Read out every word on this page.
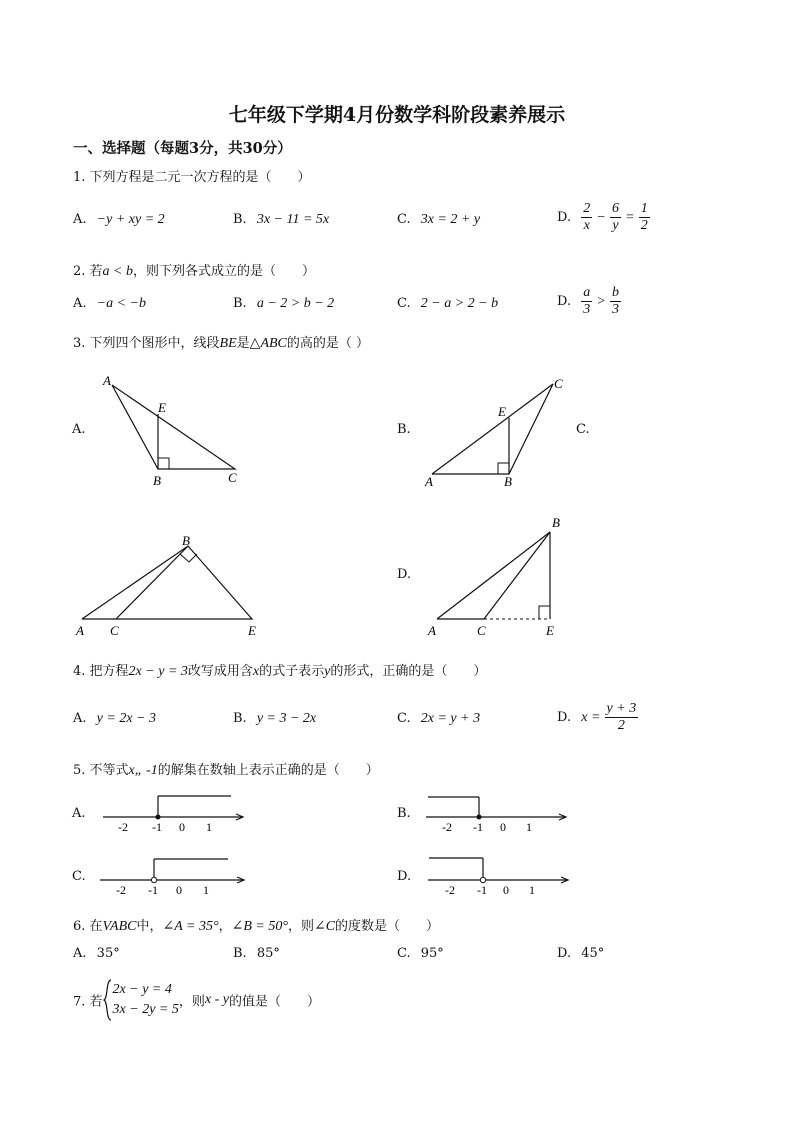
七年级下学期4月份数学科阶段素养展示
一、选择题（每题3分，共30分）
1. 下列方程是二元一次方程的是（　　）
A. −y + xy = 2	B. 3x − 11 = 5x	C. 3x = 2 + y	D. $\frac{2}{x} - \frac{6}{y} = \frac{1}{2}$
2. 若a < b，则下列各式成立的是（　　）
A. −a < −b	B. a − 2 > b − 2	C. 2 − a > 2 − b	D. $\frac{a}{3} > \frac{b}{3}$
3. 下列四个图形中，线段BE是△ABC的高的是（ ）
A.
A
E
B	C
B.
A
E
B
C
C.
A C
B
E
D.
A	C
B
E
4. 把方程2x − y = 3改写成用含x的式子表示y的形式，正确的是（　　）
A. y = 2x − 3	B. y = 3 − 2x	C. 2x = y + 3	D. $x = \frac{y + 3}{2}$
5. 不等式x„ -1的解集在数轴上表示正确的是（　　）
A.
-2 -1 0 1
B.
-2 -1 0 1
C.
-2 -1 0 1
D.
-2 -1 0 1
6. 在VABC中，∠A = 35°，∠B = 50°，则∠C的度数是（　　）
A. 35°	B. 85°	C. 95°	D. 45°
7. 若
2x − y = 4
3x − 2y = 5 ，则x - y的值是（　　）
